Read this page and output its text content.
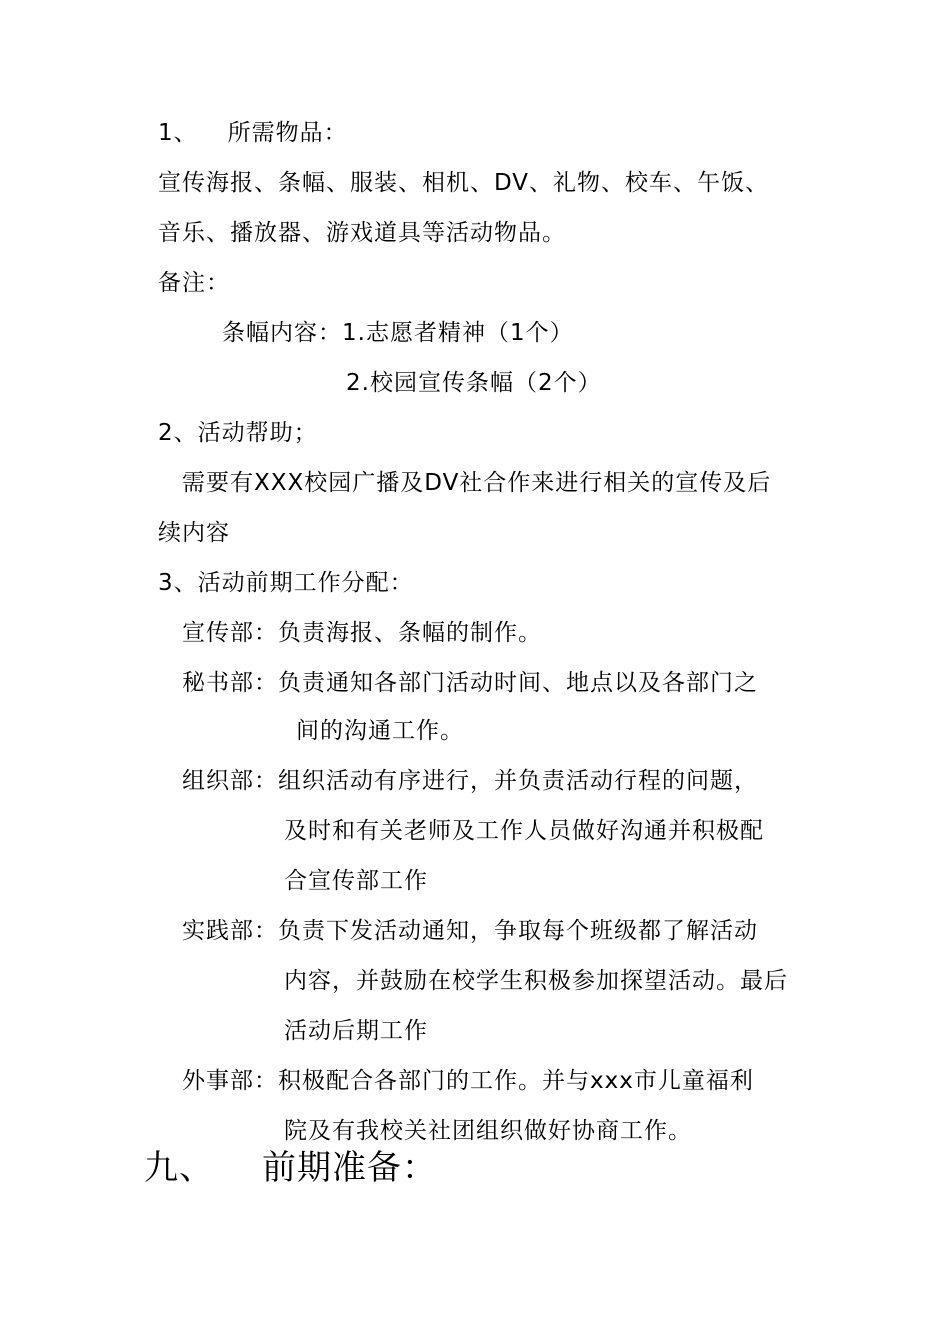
1、 所需物品：
宣传海报、条幅、服装、相机、DV、礼物、校车、午饭、
音乐、播放器、游戏道具等活动物品。
备注：
条幅内容：1.志愿者精神（1个）
2.校园宣传条幅（2个）
2、活动帮助；
需要有XXX校园广播及DV社合作来进行相关的宣传及后
续内容
3、活动前期工作分配：
宣传部：负责海报、条幅的制作。
秘书部：负责通知各部门活动时间、地点以及各部门之
间的沟通工作。
组织部：组织活动有序进行，并负责活动行程的问题，
及时和有关老师及工作人员做好沟通并积极配
合宣传部工作
实践部：负责下发活动通知，争取每个班级都了解活动
内容，并鼓励在校学生积极参加探望活动。最后
活动后期工作
外事部：积极配合各部门的工作。并与xxx市儿童福利
院及有我校关社团组织做好协商工作。
九、 前期准备：
